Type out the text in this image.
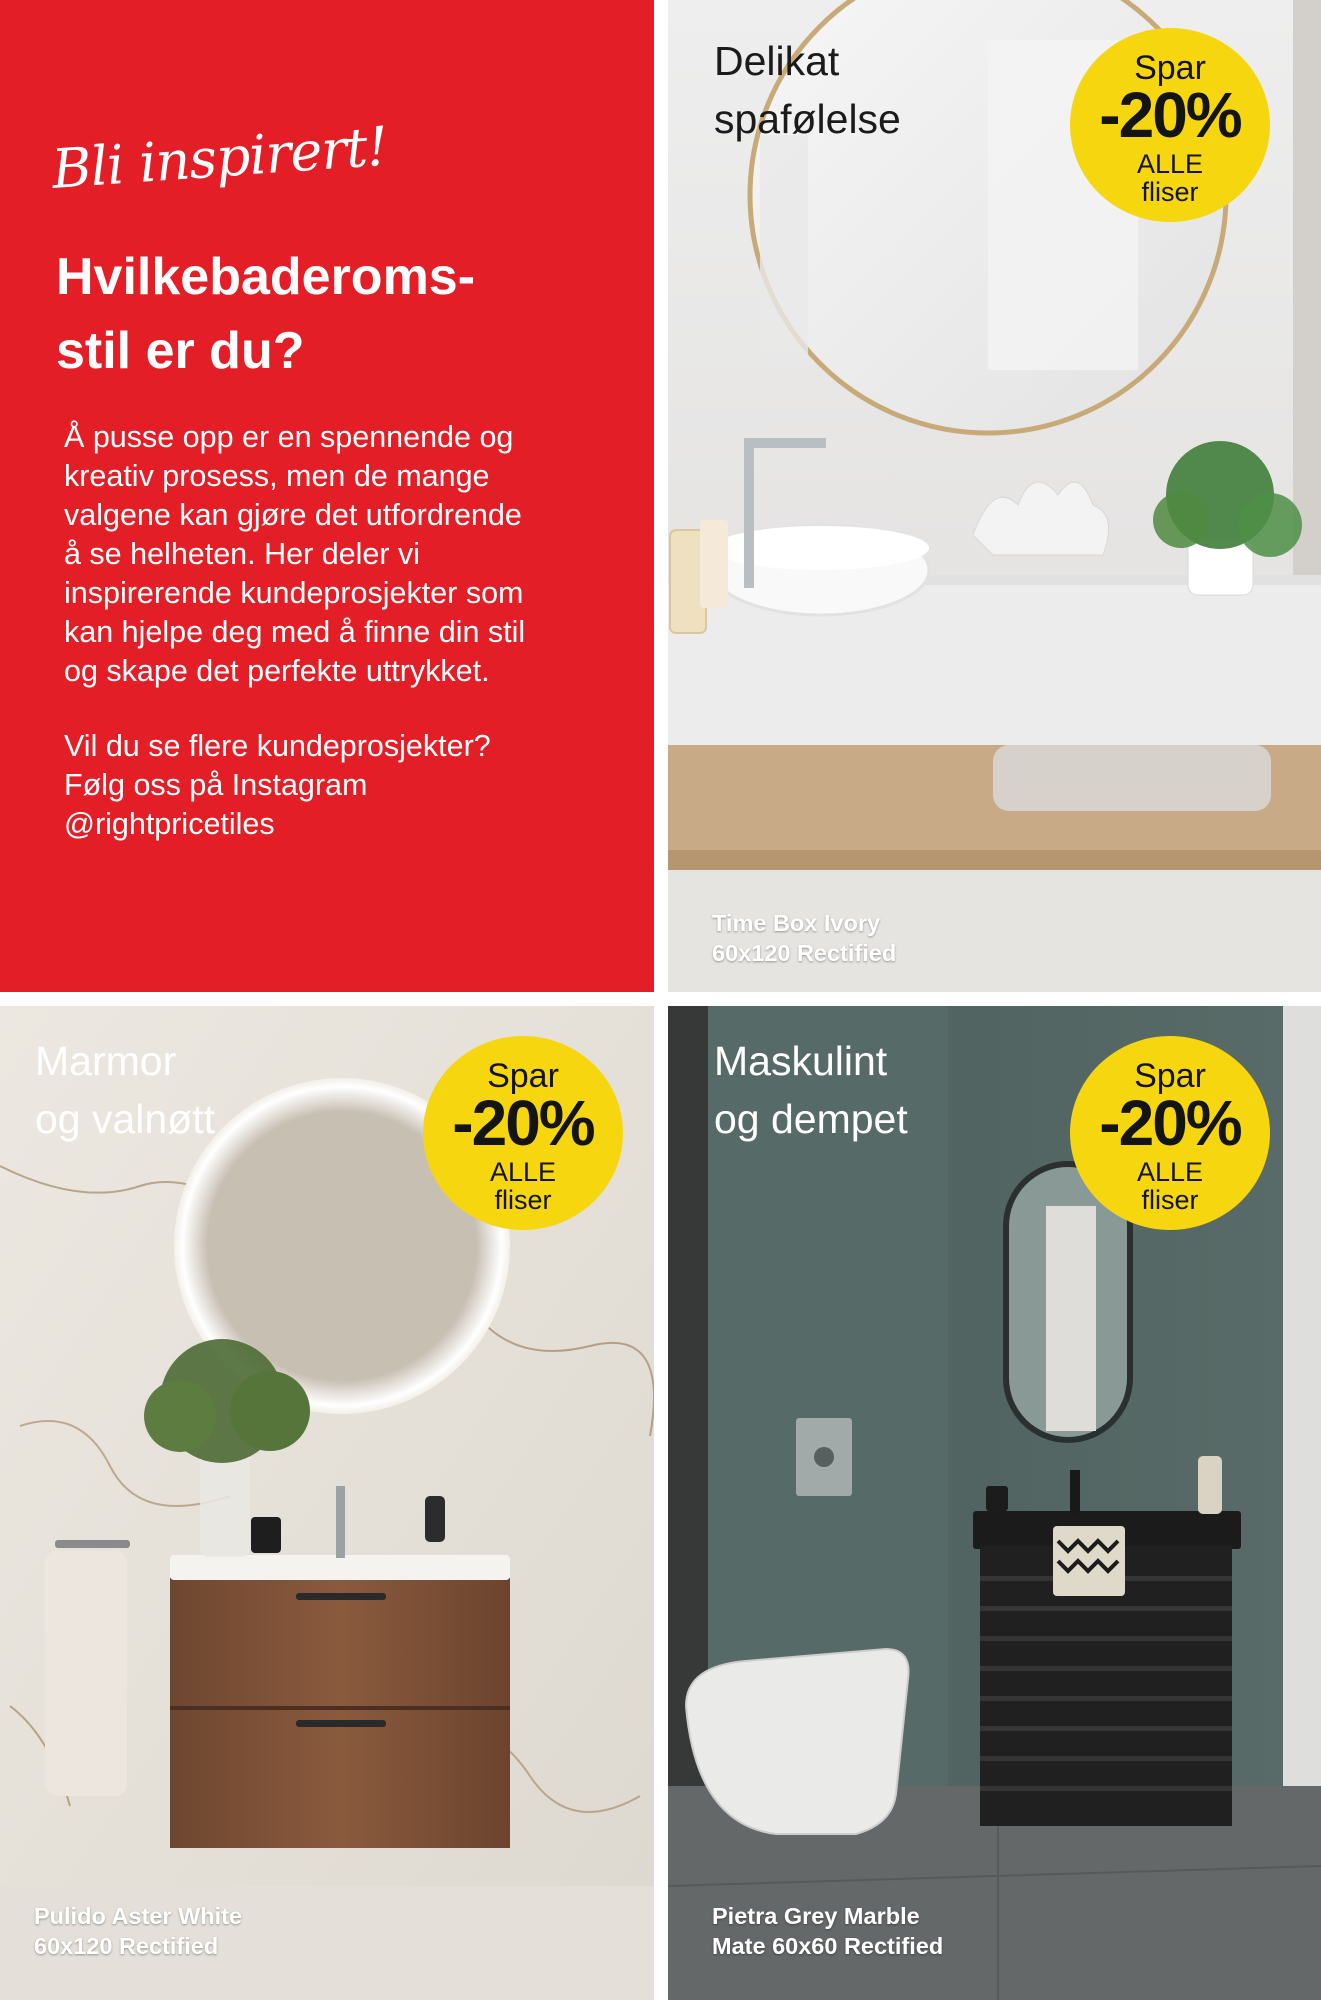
Bli inspirert!
Hvilkebaderoms-
stil er du?

Å pusse opp er en spennende og
kreativ prosess, men de mange
valgene kan gjøre det utfordrende
å se helheten. Her deler vi
inspirerende kundeprosjekter som
kan hjelpe deg med å finne din stil
og skape det perfekte uttrykket.

Vil du se flere kundeprosjekter?
Følg oss på Instagram
@rightpricetiles

Delikat
spafølelse
Spar
-20%
ALLE
fliser

Time Box Ivory
60x120 Rectified

Marmor
og valnøtt
Spar
-20%
ALLE
fliser

Pulido Aster White
60x120 Rectified

Maskulint
og dempet
Spar
-20%
ALLE
fliser

Pietra Grey Marble
Mate 60x60 Rectified
